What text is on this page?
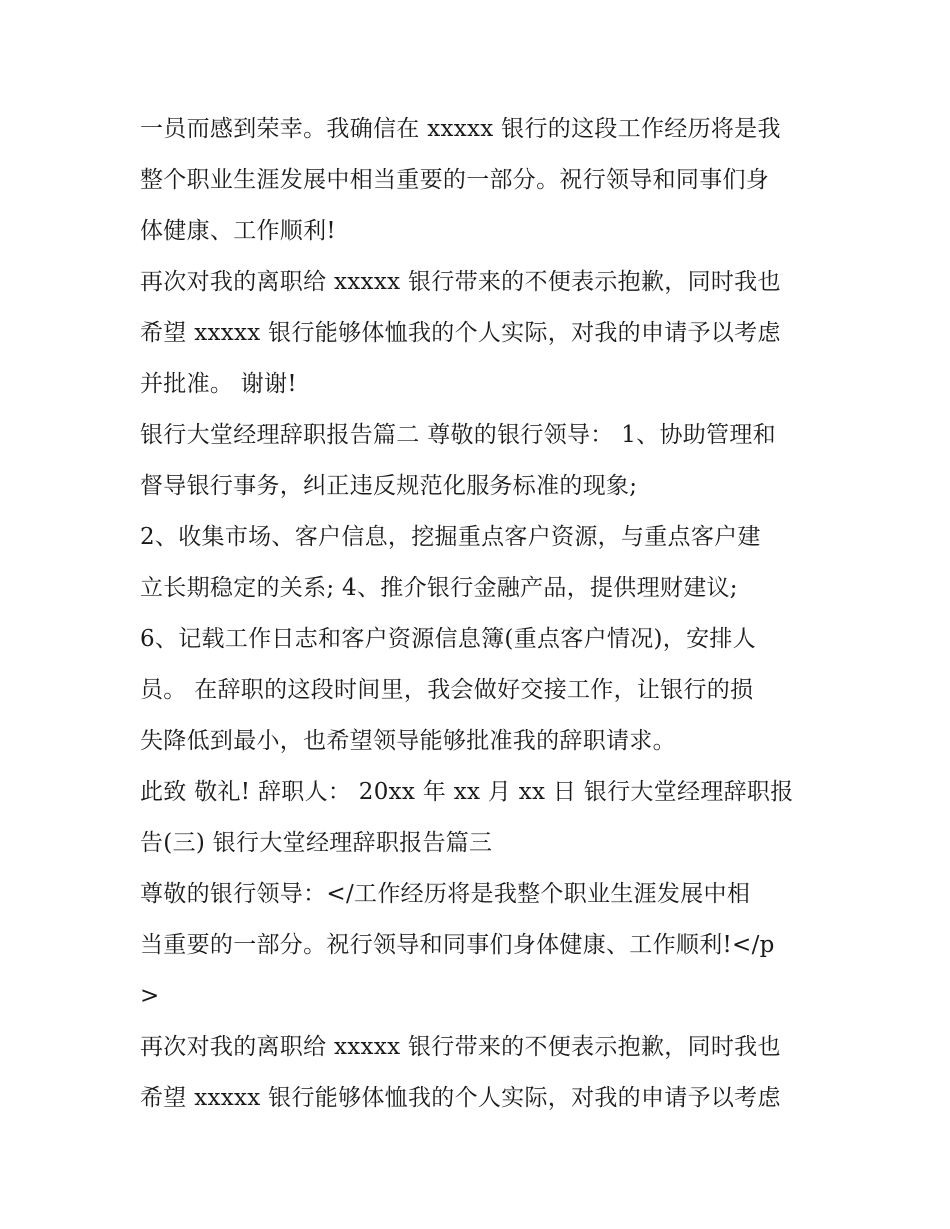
一员而感到荣幸。我确信在 xxxxx 银行的这段工作经历将是我
整个职业生涯发展中相当重要的一部分。祝行领导和同事们身
体健康、工作顺利!
再次对我的离职给 xxxxx 银行带来的不便表示抱歉，同时我也
希望 xxxxx 银行能够体恤我的个人实际，对我的申请予以考虑
并批准。 谢谢!
银行大堂经理辞职报告篇二 尊敬的银行领导： 1、协助管理和
督导银行事务，纠正违反规范化服务标准的现象;
2、收集市场、客户信息，挖掘重点客户资源，与重点客户建
立长期稳定的关系; 4、推介银行金融产品，提供理财建议;
6、记载工作日志和客户资源信息簿(重点客户情况)，安排人
员。 在辞职的这段时间里，我会做好交接工作，让银行的损
失降低到最小，也希望领导能够批准我的辞职请求。
此致 敬礼! 辞职人： 20xx 年 xx 月 xx 日 银行大堂经理辞职报
告(三) 银行大堂经理辞职报告篇三
尊敬的银行领导：</工作经历将是我整个职业生涯发展中相
当重要的一部分。祝行领导和同事们身体健康、工作顺利!</p
>
再次对我的离职给 xxxxx 银行带来的不便表示抱歉，同时我也
希望 xxxxx 银行能够体恤我的个人实际，对我的申请予以考虑
